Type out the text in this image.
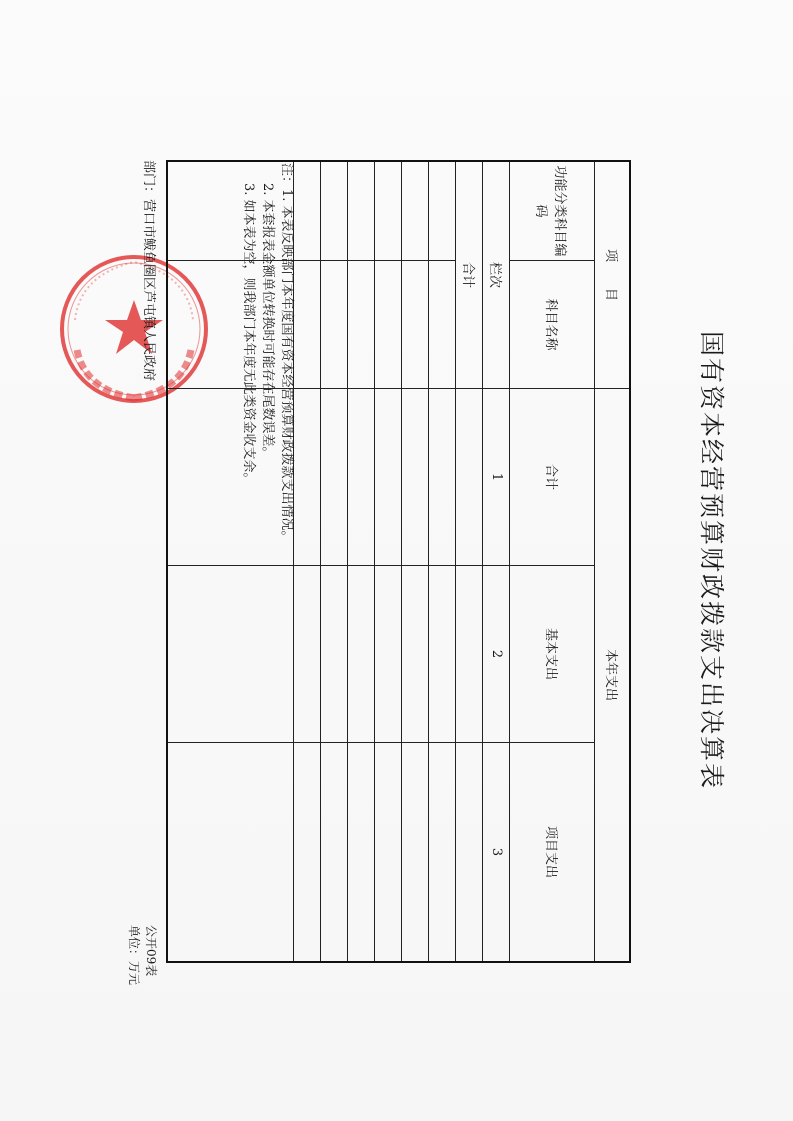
国有资本经营预算财政拨款支出决算表
部门：营口市鲅鱼圈区芦屯镇人民政府
公开09表
单位：万元
项　　目		本年支出		
功能分类科目编码	科目名称	合计	基本支出	项目支出
栏次		1	2	3
合计				

注：1. 本表反映部门本年度国有资本经营预算财政拨款支出情况。
2. 本套报表金额单位转换时可能存在尾数误差。
3. 如本表为空，则我部门本年度无此类资金收支余。
